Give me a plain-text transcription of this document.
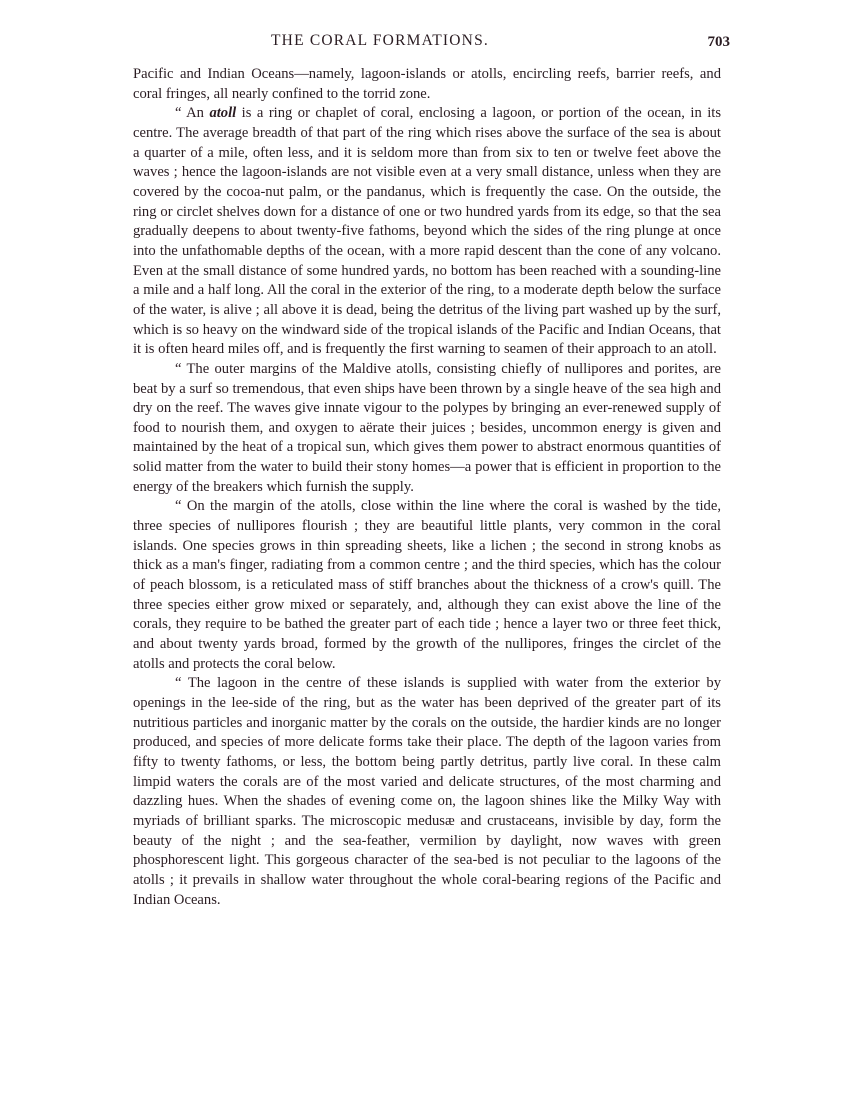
THE CORAL FORMATIONS.	703

Pacific and Indian Oceans—namely, lagoon-islands or atolls, encircling reefs, barrier reefs, and coral fringes, all nearly confined to the torrid zone.

“ An atoll is a ring or chaplet of coral, enclosing a lagoon, or portion of the ocean, in its centre. The average breadth of that part of the ring which rises above the surface of the sea is about a quarter of a mile, often less, and it is seldom more than from six to ten or twelve feet above the waves ; hence the lagoon-islands are not visible even at a very small distance, unless when they are covered by the cocoa-nut palm, or the pandanus, which is frequently the case. On the outside, the ring or circlet shelves down for a distance of one or two hundred yards from its edge, so that the sea gradually deepens to about twenty-five fathoms, beyond which the sides of the ring plunge at once into the unfathomable depths of the ocean, with a more rapid descent than the cone of any volcano. Even at the small distance of some hundred yards, no bottom has been reached with a sounding-line a mile and a half long. All the coral in the exterior of the ring, to a moderate depth below the surface of the water, is alive ; all above it is dead, being the detritus of the living part washed up by the surf, which is so heavy on the windward side of the tropical islands of the Pacific and Indian Oceans, that it is often heard miles off, and is frequently the first warning to seamen of their approach to an atoll.

“ The outer margins of the Maldive atolls, consisting chiefly of nullipores and porites, are beat by a surf so tremendous, that even ships have been thrown by a single heave of the sea high and dry on the reef. The waves give innate vigour to the polypes by bringing an ever-renewed supply of food to nourish them, and oxygen to aërate their juices ; besides, uncommon energy is given and maintained by the heat of a tropical sun, which gives them power to abstract enormous quantities of solid matter from the water to build their stony homes—a power that is efficient in proportion to the energy of the breakers which furnish the supply.

“ On the margin of the atolls, close within the line where the coral is washed by the tide, three species of nullipores flourish ; they are beautiful little plants, very common in the coral islands. One species grows in thin spreading sheets, like a lichen ; the second in strong knobs as thick as a man's finger, radiating from a common centre ; and the third species, which has the colour of peach blossom, is a reticulated mass of stiff branches about the thickness of a crow's quill. The three species either grow mixed or separately, and, although they can exist above the line of the corals, they require to be bathed the greater part of each tide ; hence a layer two or three feet thick, and about twenty yards broad, formed by the growth of the nullipores, fringes the circlet of the atolls and protects the coral below.

“ The lagoon in the centre of these islands is supplied with water from the exterior by openings in the lee-side of the ring, but as the water has been deprived of the greater part of its nutritious particles and inorganic matter by the corals on the outside, the hardier kinds are no longer produced, and species of more delicate forms take their place. The depth of the lagoon varies from fifty to twenty fathoms, or less, the bottom being partly detritus, partly live coral. In these calm limpid waters the corals are of the most varied and delicate structures, of the most charming and dazzling hues. When the shades of evening come on, the lagoon shines like the Milky Way with myriads of brilliant sparks. The microscopic medusæ and crustaceans, invisible by day, form the beauty of the night ; and the sea-feather, vermilion by daylight, now waves with green phosphorescent light. This gorgeous character of the sea-bed is not peculiar to the lagoons of the atolls ; it prevails in shallow water throughout the whole coral-bearing regions of the Pacific and Indian Oceans.
